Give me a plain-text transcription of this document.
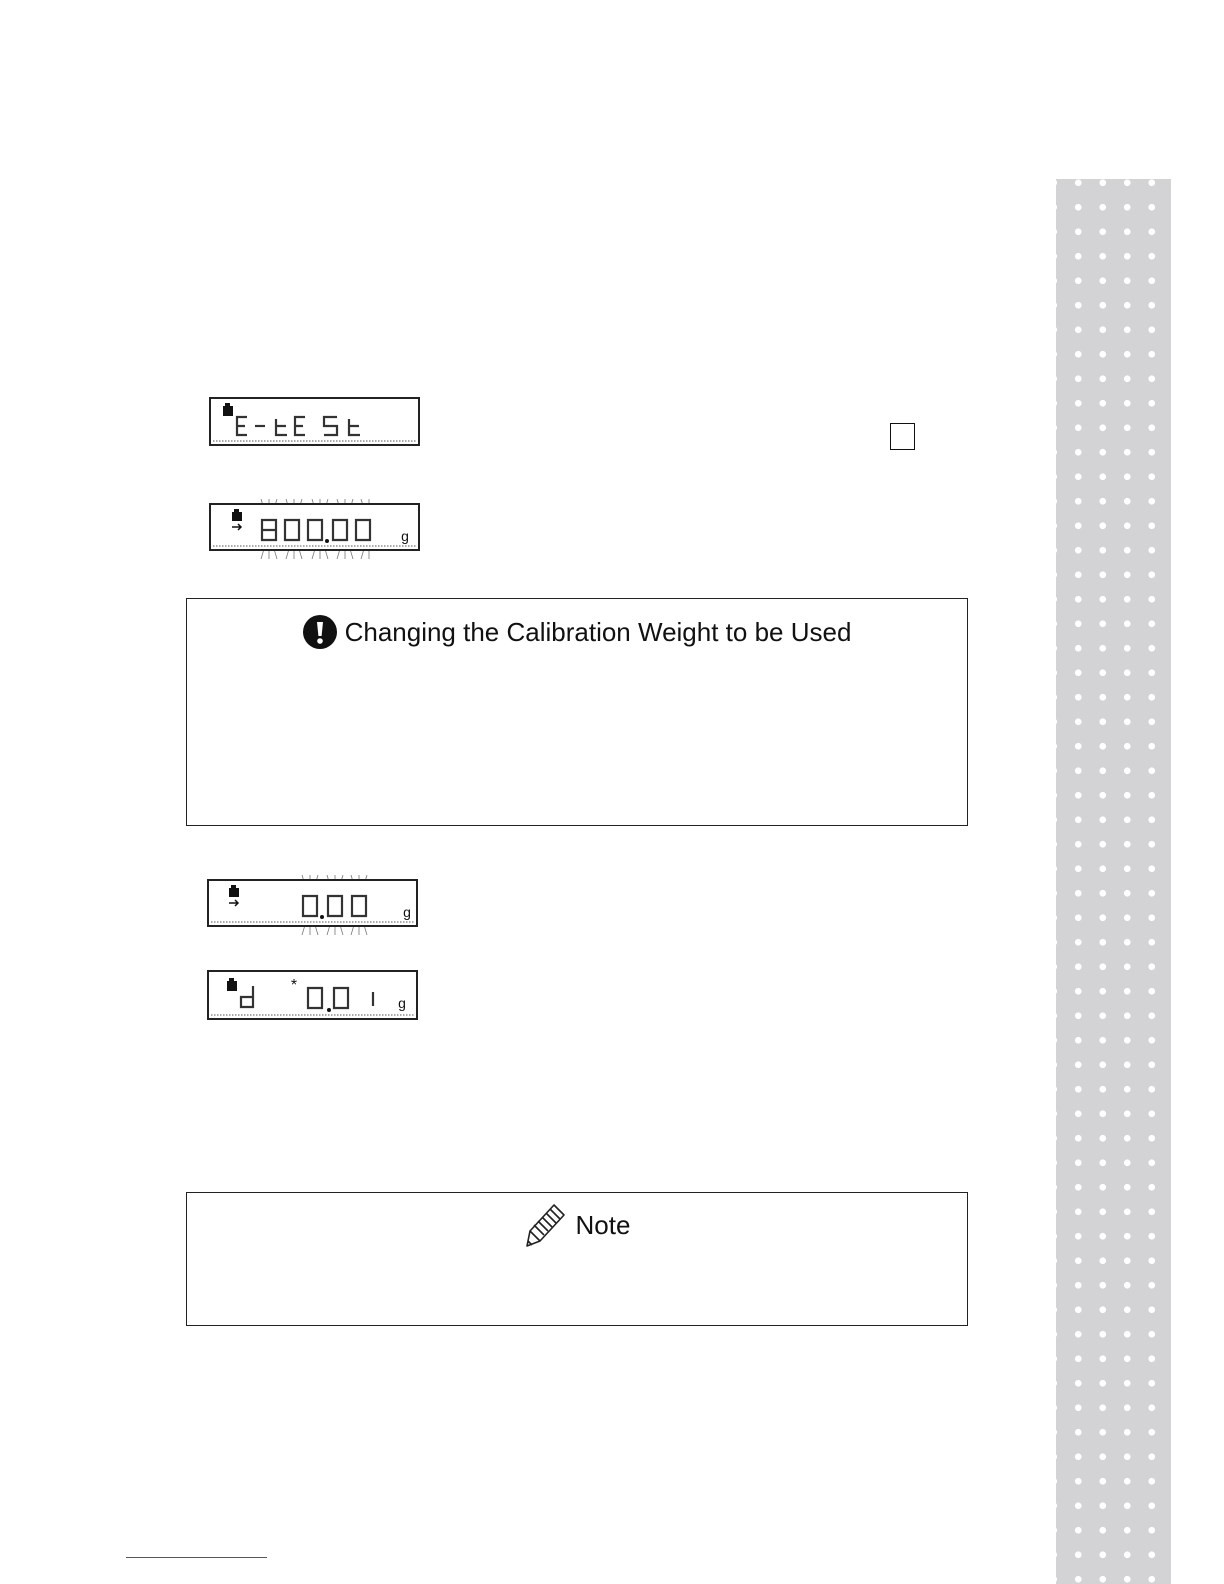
g
Changing the Calibration Weight to be Used
g
*
g
Note
